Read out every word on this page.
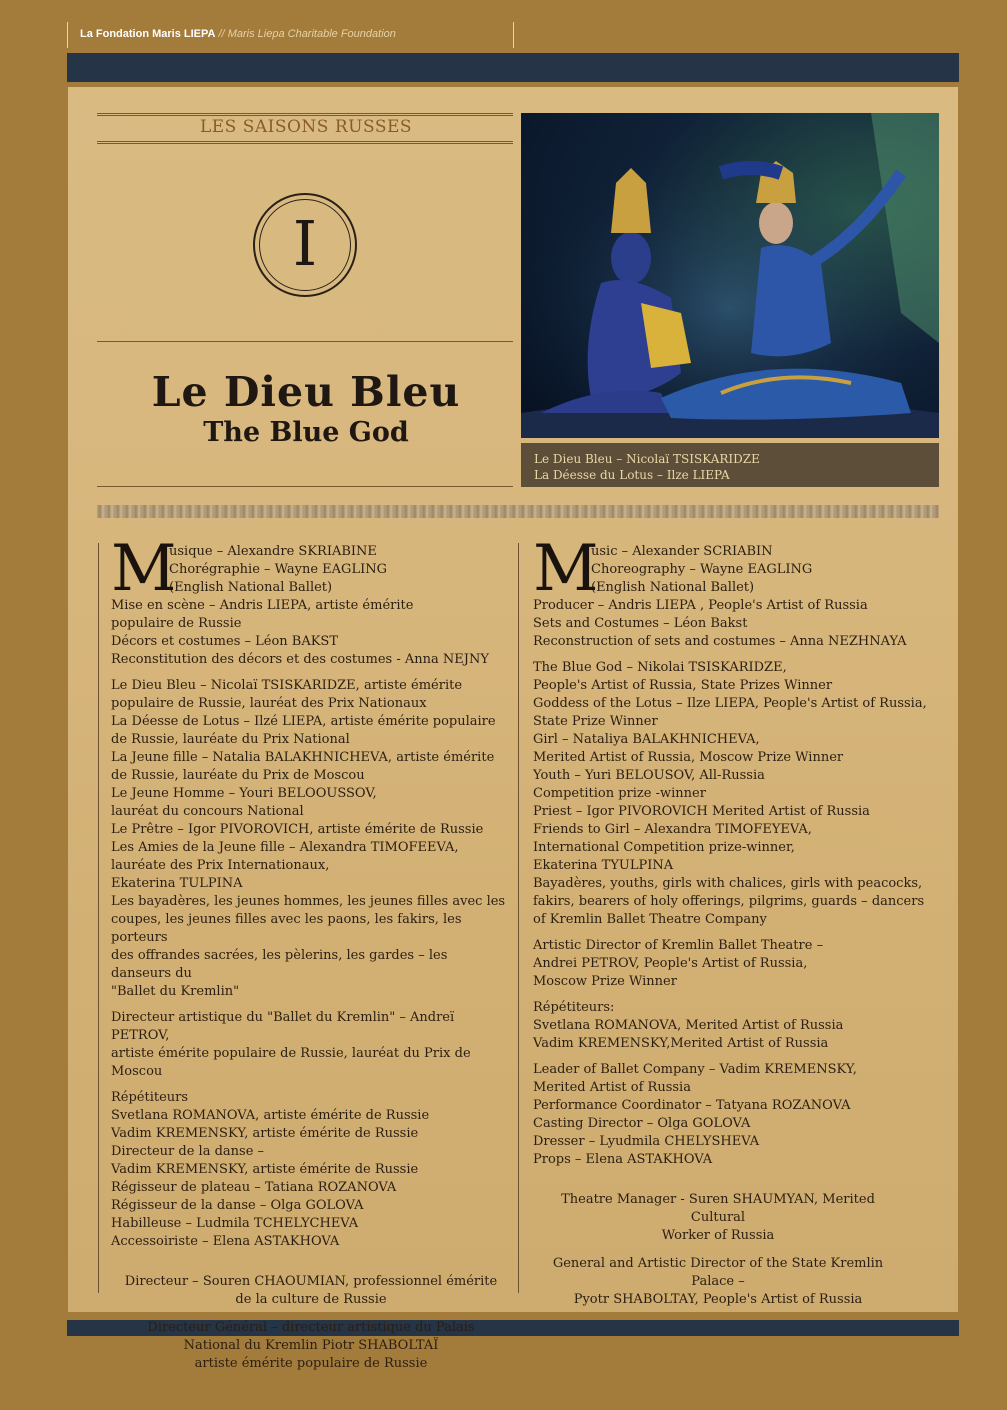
La Fondation Maris LIEPA // Maris Liepa Charitable Foundation
LES SAISONS RUSSES
I
Le Dieu Bleu
The Blue God
Le Dieu Bleu – Nicolaï TSISKARIDZE
La Déesse du Lotus – Ilze LIEPA
M

usique – Alexandre SKRIABINE

Chorégraphie – Wayne EAGLING

(English National Ballet)

Mise en scène – Andris LIEPA, artiste émérite

populaire de Russie

Décors et costumes – Léon BAKST

Reconstitution des décors et des costumes - Anna NEJNY

Le Dieu Bleu – Nicolaï TSISKARIDZE, artiste émérite

populaire de Russie, lauréat des Prix Nationaux

La Déesse de Lotus – Ilzé LIEPA, artiste émérite populaire

de Russie, lauréate du Prix National

La Jeune fille – Natalia BALAKHNICHEVA, artiste émérite

de Russie, lauréate du Prix de Moscou

Le Jeune Homme – Youri BELOOUSSOV,

lauréat du concours National

Le Prêtre – Igor PIVOROVICH, artiste émérite de Russie

Les Amies de la Jeune fille – Alexandra TIMOFEEVA,

lauréate des Prix Internationaux,

Ekaterina TULPINA

Les bayadères, les jeunes hommes, les jeunes filles avec les

coupes, les jeunes filles avec les paons, les fakirs, les porteurs

des offrandes sacrées, les pèlerins, les gardes – les danseurs du

"Ballet du Kremlin"

Directeur artistique du "Ballet du Kremlin" – Andreï PETROV,

artiste émérite populaire de Russie, lauréat du Prix de Moscou

Répétiteurs

Svetlana ROMANOVA, artiste émérite de Russie

Vadim KREMENSKY, artiste émérite de Russie

Directeur de la danse –

Vadim KREMENSKY, artiste émérite de Russie

Régisseur de plateau – Tatiana ROZANOVA

Régisseur de la danse – Olga GOLOVA

Habilleuse – Ludmila TCHELYCHEVA

Accessoiriste – Elena ASTAKHOVA

Directeur – Souren CHAOUMIAN, professionnel émérite

de la culture de Russie

Directeur Général – directeur artistique du Palais

National du Kremlin Piotr SHABOLTAÏ

artiste émérite populaire de Russie

M

usic – Alexander SCRIABIN

Choreography – Wayne EAGLING

(English National Ballet)

Producer – Andris LIEPA , People's Artist of Russia

Sets and Costumes – Léon Bakst

Reconstruction of sets and costumes – Anna NEZHNAYA

The Blue God – Nikolai TSISKARIDZE,

People's Artist of Russia, State Prizes Winner

Goddess of the Lotus – Ilze LIEPA, People's Artist of Russia,

State Prize Winner

Girl – Nataliya BALAKHNICHEVA,

Merited Artist of Russia, Moscow Prize Winner

Youth – Yuri BELOUSOV, All-Russia

Competition prize -winner

Priest – Igor PIVOROVICH Merited Artist of Russia

Friends to Girl – Alexandra TIMOFEYEVA,

International Competition prize-winner,

Ekaterina TYULPINA

Bayadères, youths, girls with chalices, girls with peacocks,

fakirs, bearers of holy offerings, pilgrims, guards – dancers

of Kremlin Ballet Theatre Company

Artistic Director of Kremlin Ballet Theatre –

Andrei PETROV, People's Artist of Russia,

Moscow Prize Winner

Répétiteurs:

Svetlana ROMANOVA, Merited Artist of Russia

Vadim KREMENSKY,Merited Artist of Russia

Leader of Ballet Company – Vadim KREMENSKY,

Merited Artist of Russia

Performance Coordinator – Tatyana ROZANOVA

Casting Director – Olga GOLOVA

Dresser – Lyudmila CHELYSHEVA

Props – Elena ASTAKHOVA

Theatre Manager - Suren SHAUMYAN, Merited Cultural

Worker of Russia

General and Artistic Director of the State Kremlin Palace –

Pyotr SHABOLTAY, People's Artist of Russia
